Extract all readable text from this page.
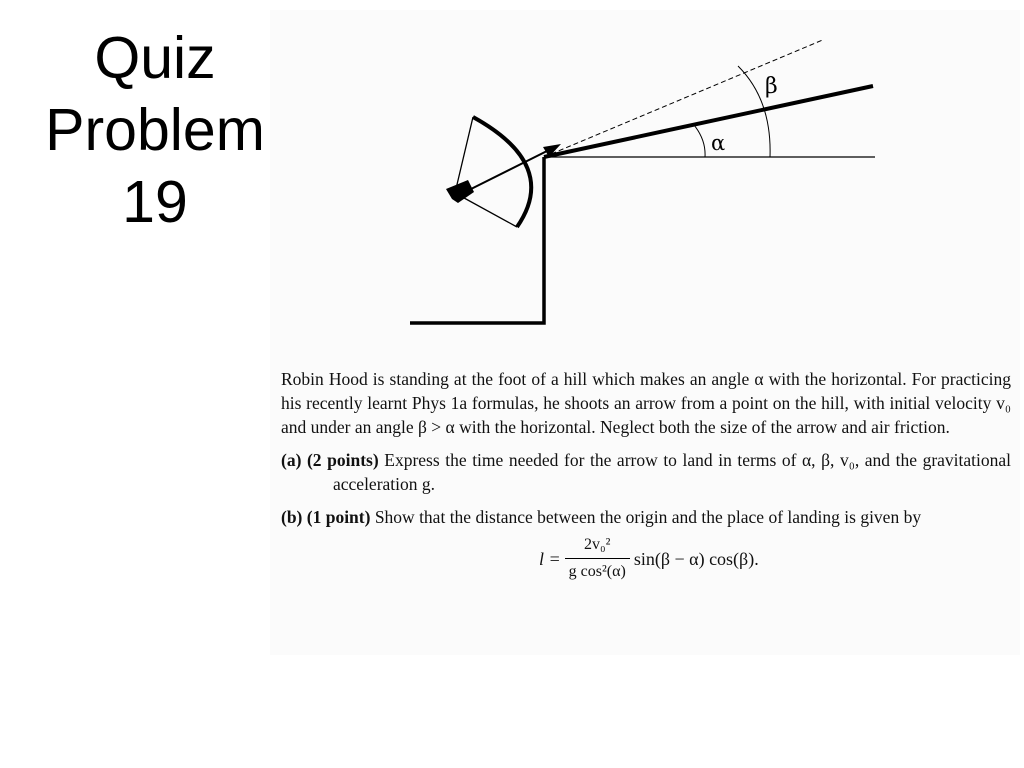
Quiz
Problem
19
β
α

Robin Hood is standing at the foot of a hill which makes an angle α with the horizontal. For practicing his recently learnt Phys 1a formulas, he shoots an arrow from a point on the hill, with initial velocity v₀ and under an angle β > α with the horizontal. Neglect both the size of the arrow and air friction.

(a) (2 points) Express the time needed for the arrow to land in terms of α, β, v₀, and the gravitational acceleration g.
(b) (1 point) Show that the distance between the origin and the place of landing is given by
$l = \frac{\text{2v₀²}}{\text{g cos²(α)}} \sin(\beta - \alpha)$ cos(β).
